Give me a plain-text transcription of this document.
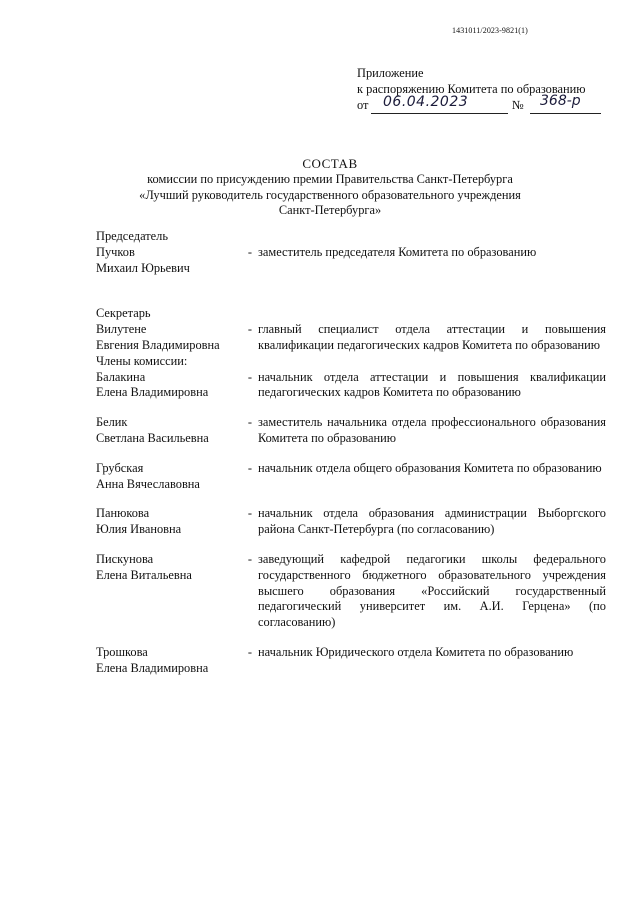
1431011/2023-9821(1)
Приложение
к распоряжению Комитета по образованию
от 06.04.2023	№ 368-р
СОСТАВ
комиссии по присуждению премии Правительства Санкт-Петербурга
«Лучший руководитель государственного образовательного учреждения
Санкт-Петербурга»
Председатель
Пучков
Михаил Юрьевич
- заместитель председателя Комитета по образованию
Секретарь
Вилутене
Евгения Владимировна
- главный специалист отдела аттестации и повышения квалификации педагогических кадров Комитета по образованию
Члены комиссии:
Балакина
Елена Владимировна
- начальник отдела аттестации и повышения квалификации педагогических кадров Комитета по образованию
Белик
Светлана Васильевна
- заместитель начальника отдела профессионального образования Комитета по образованию
Грубская
Анна Вячеславовна
- начальник отдела общего образования Комитета по образованию
Панюкова
Юлия Ивановна
- начальник отдела образования администрации Выборгского района Санкт-Петербурга (по согласованию)
Пискунова
Елена Витальевна
- заведующий кафедрой педагогики школы федерального государственного бюджетного образовательного учреждения высшего образования «Российский государственный педагогический университет им. А.И. Герцена» (по согласованию)
Трошкова
Елена Владимировна
- начальник Юридического отдела Комитета по образованию
